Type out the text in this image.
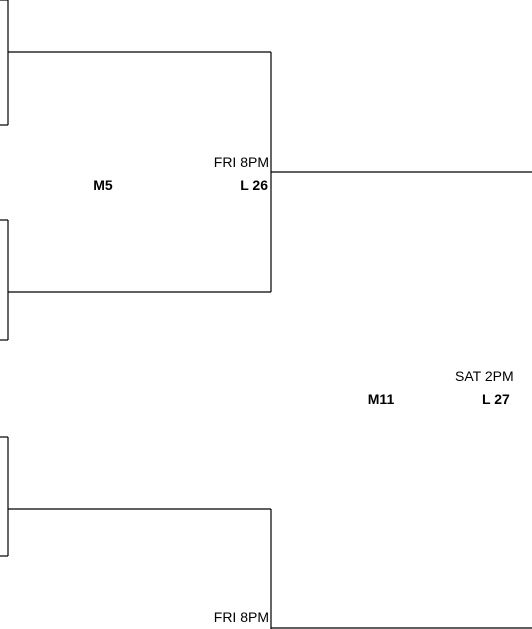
FRI 8PM
M5	L 26
SAT 2PM
M11	L 27
FRI 8PM
